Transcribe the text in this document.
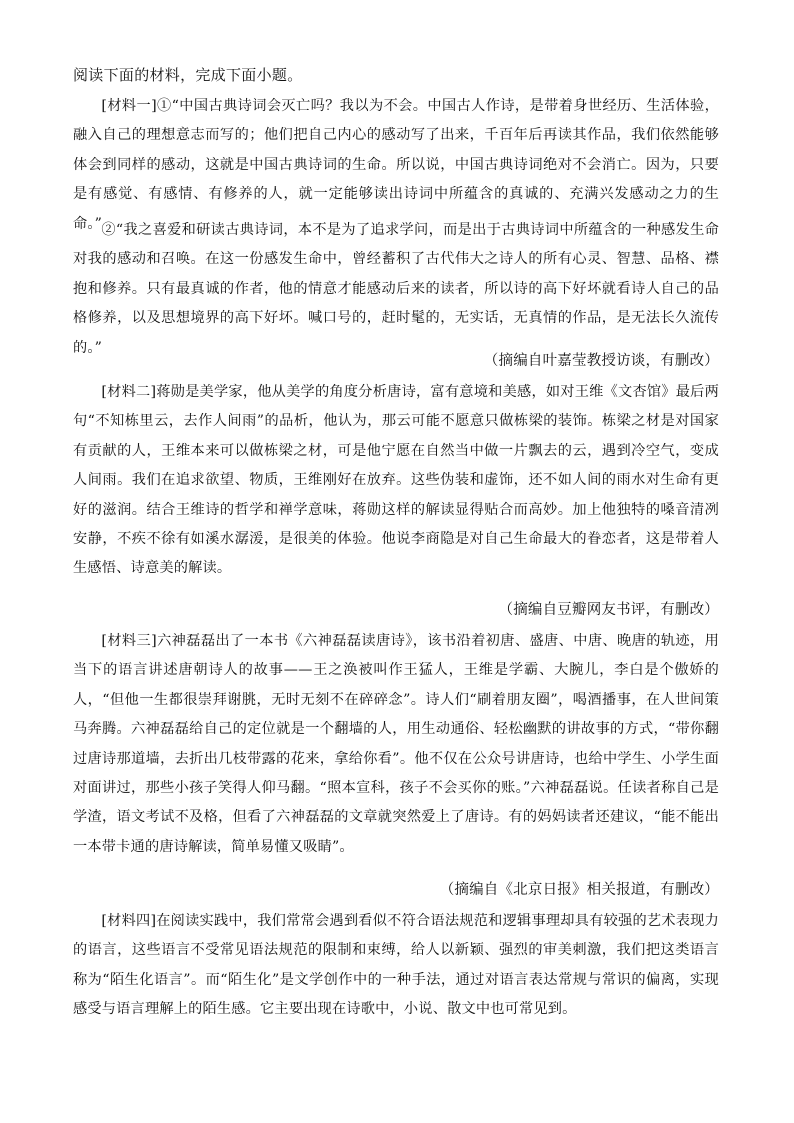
阅读下面的材料，完成下面小题。

[材料一]①“中国古典诗词会灭亡吗？我以为不会。中国古人作诗，是带着身世经历、生活体验，融入自己的理想意志而写的；他们把自己内心的感动写了出来，千百年后再读其作品，我们依然能够体会到同样的感动，这就是中国古典诗词的生命。所以说，中国古典诗词绝对不会消亡。因为，只要是有感觉、有感情、有修养的人，就一定能够读出诗词中所蕴含的真诚的、充满兴发感动之力的生命。” ②“我之喜爱和研读古典诗词，本不是为了追求学问，而是出于古典诗词中所蕴含的一种感发生命对我的感动和召唤。在这一份感发生命中，曾经蓄积了古代伟大之诗人的所有心灵、智慧、品格、襟抱和修养。只有最真诚的作者，他的情意才能感动后来的读者，所以诗的高下好坏就看诗人自己的品格修养，以及思想境界的高下好坏。喊口号的，赶时髦的，无实话，无真情的作品，是无法长久流传的。”

（摘编自叶嘉莹教授访谈，有删改）

[材料二]蒋勋是美学家，他从美学的角度分析唐诗，富有意境和美感，如对王维《文杏馆》最后两句“不知栋里云，去作人间雨”的品析，他认为，那云可能不愿意只做栋梁的装饰。栋梁之材是对国家有贡献的人，王维本来可以做栋梁之材，可是他宁愿在自然当中做一片飘去的云，遇到冷空气，变成人间雨。我们在追求欲望、物质，王维刚好在放弃。这些伪装和虚饰，还不如人间的雨水对生命有更好的滋润。结合王维诗的哲学和禅学意味，蒋勋这样的解读显得贴合而高妙。加上他独特的嗓音清冽安静，不疾不徐有如溪水潺湲，是很美的体验。他说李商隐是对自己生命最大的眷恋者，这是带着人生感悟、诗意美的解读。

（摘编自豆瓣网友书评，有删改）

[材料三]六神磊磊出了一本书《六神磊磊读唐诗》，该书沿着初唐、盛唐、中唐、晚唐的轨迹，用当下的语言讲述唐朝诗人的故事——王之涣被叫作王猛人，王维是学霸、大腕儿，李白是个傲娇的人，“但他一生都很崇拜谢朓，无时无刻不在碎碎念”。诗人们“刷着朋友圈”，喝酒播事，在人世间策马奔腾。六神磊磊给自己的定位就是一个翻墙的人，用生动通俗、轻松幽默的讲故事的方式，“带你翻过唐诗那道墙，去折出几枝带露的花来，拿给你看”。他不仅在公众号讲唐诗，也给中学生、小学生面对面讲过，那些小孩子笑得人仰马翻。“照本宣科，孩子不会买你的账。”六神磊磊说。任读者称自己是学渣，语文考试不及格，但看了六神磊磊的文章就突然爱上了唐诗。有的妈妈读者还建议，“能不能出一本带卡通的唐诗解读，简单易懂又吸睛”。

（摘编自《北京日报》相关报道，有删改）

[材料四]在阅读实践中，我们常常会遇到看似不符合语法规范和逻辑事理却具有较强的艺术表现力的语言，这些语言不受常见语法规范的限制和束缚，给人以新颖、强烈的审美刺激，我们把这类语言称为“陌生化语言”。而“陌生化”是文学创作中的一种手法，通过对语言表达常规与常识的偏离，实现感受与语言理解上的陌生感。它主要出现在诗歌中，小说、散文中也可常见到。
